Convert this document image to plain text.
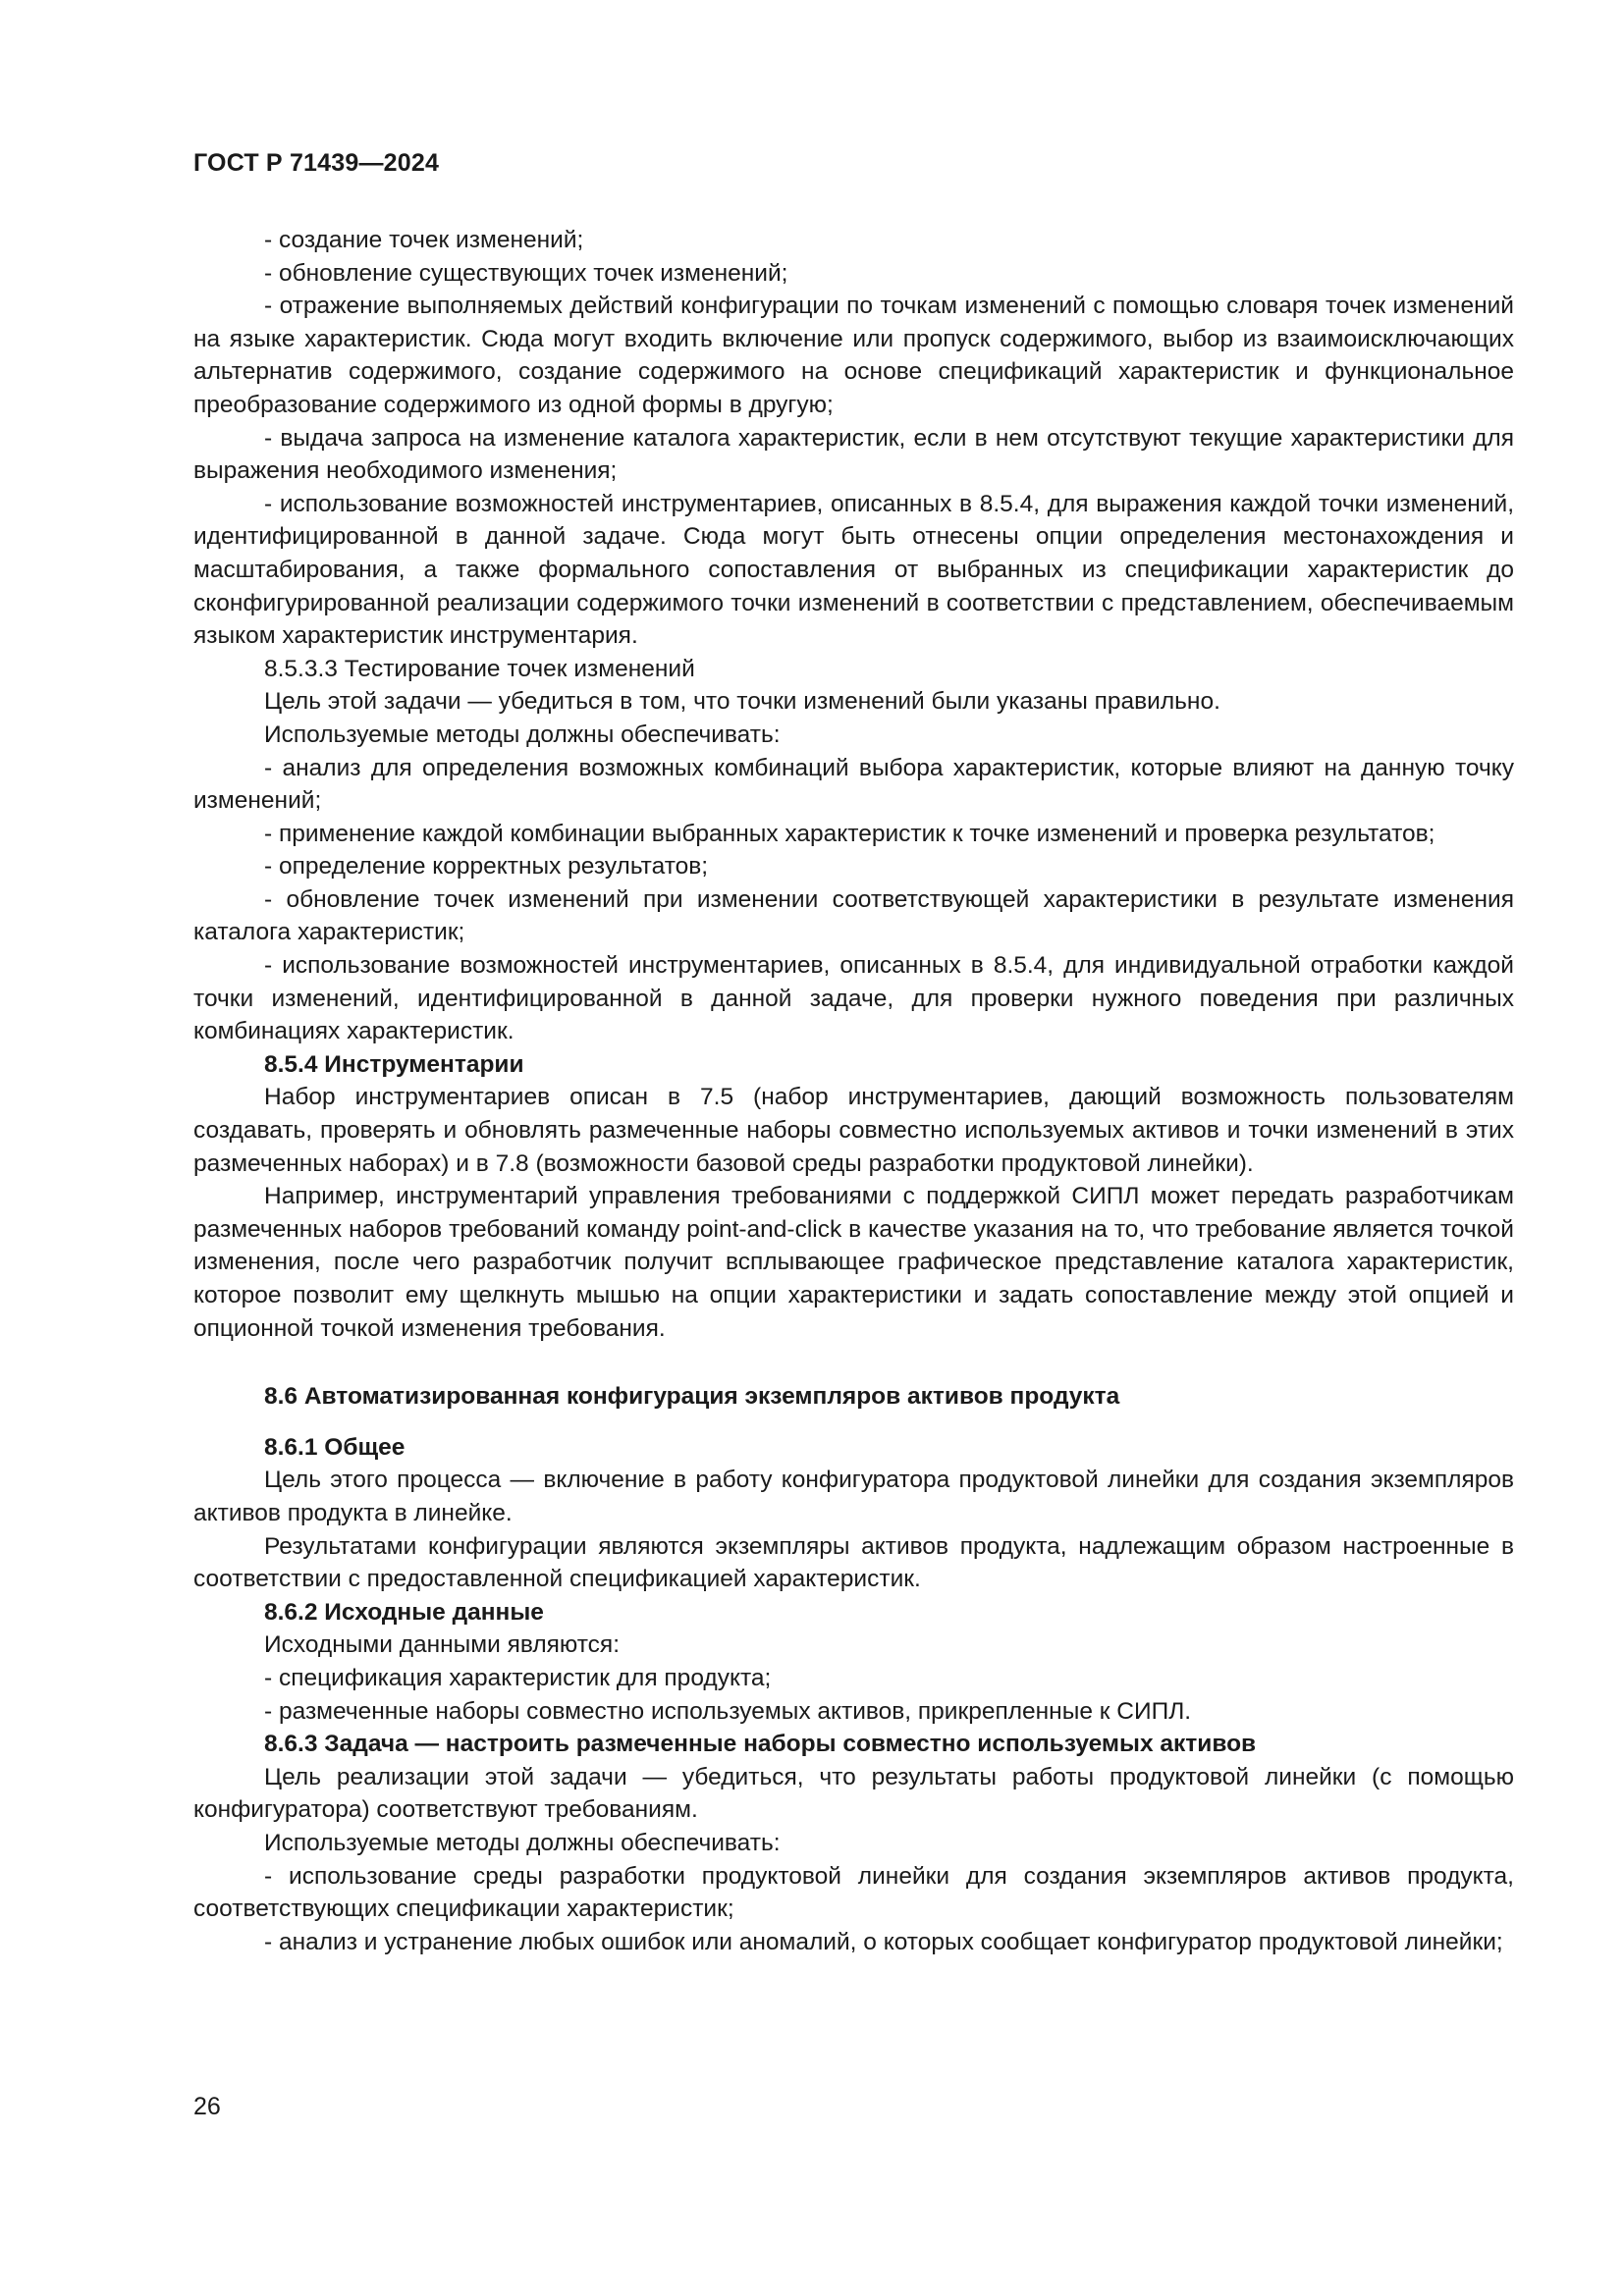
ГОСТ Р 71439—2024

- создание точек изменений;

- обновление существующих точек изменений;

- отражение выполняемых действий конфигурации по точкам изменений с помощью словаря точек изменений на языке характеристик. Сюда могут входить включение или пропуск содержимого, выбор из взаимоисключающих альтернатив содержимого, создание содержимого на основе спецификаций характеристик и функциональное преобразование содержимого из одной формы в другую;

- выдача запроса на изменение каталога характеристик, если в нем отсутствуют текущие характеристики для выражения необходимого изменения;

- использование возможностей инструментариев, описанных в 8.5.4, для выражения каждой точки изменений, идентифицированной в данной задаче. Сюда могут быть отнесены опции определения местонахождения и масштабирования, а также формального сопоставления от выбранных из спецификации характеристик до сконфигурированной реализации содержимого точки изменений в соответствии с представлением, обеспечиваемым языком характеристик инструментария.

8.5.3.3 Тестирование точек изменений

Цель этой задачи — убедиться в том, что точки изменений были указаны правильно.

Используемые методы должны обеспечивать:

- анализ для определения возможных комбинаций выбора характеристик, которые влияют на данную точку изменений;

- применение каждой комбинации выбранных характеристик к точке изменений и проверка результатов;

- определение корректных результатов;

- обновление точек изменений при изменении соответствующей характеристики в результате изменения каталога характеристик;

- использование возможностей инструментариев, описанных в 8.5.4, для индивидуальной отработки каждой точки изменений, идентифицированной в данной задаче, для проверки нужного поведения при различных комбинациях характеристик.

8.5.4 Инструментарии

Набор инструментариев описан в 7.5 (набор инструментариев, дающий возможность пользователям создавать, проверять и обновлять размеченные наборы совместно используемых активов и точки изменений в этих размеченных наборах) и в 7.8 (возможности базовой среды разработки продуктовой линейки).

Например, инструментарий управления требованиями с поддержкой СИПЛ может передать разработчикам размеченных наборов требований команду point-and-click в качестве указания на то, что требование является точкой изменения, после чего разработчик получит всплывающее графическое представление каталога характеристик, которое позволит ему щелкнуть мышью на опции характеристики и задать сопоставление между этой опцией и опционной точкой изменения требования.

8.6 Автоматизированная конфигурация экземпляров активов продукта

8.6.1 Общее

Цель этого процесса — включение в работу конфигуратора продуктовой линейки для создания экземпляров активов продукта в линейке.

Результатами конфигурации являются экземпляры активов продукта, надлежащим образом настроенные в соответствии с предоставленной спецификацией характеристик.

8.6.2 Исходные данные

Исходными данными являются:

- спецификация характеристик для продукта;

- размеченные наборы совместно используемых активов, прикрепленные к СИПЛ.

8.6.3 Задача — настроить размеченные наборы совместно используемых активов

Цель реализации этой задачи — убедиться, что результаты работы продуктовой линейки (с помощью конфигуратора) соответствуют требованиям.

Используемые методы должны обеспечивать:

- использование среды разработки продуктовой линейки для создания экземпляров активов продукта, соответствующих спецификации характеристик;

- анализ и устранение любых ошибок или аномалий, о которых сообщает конфигуратор продуктовой линейки;

26
